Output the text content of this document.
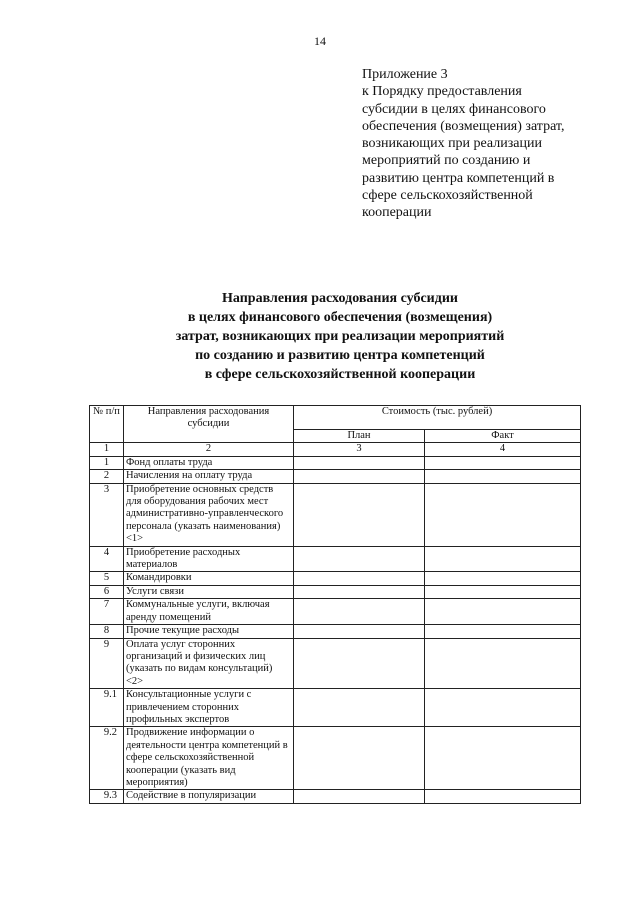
14
Приложение 3
к Порядку предоставления
субсидии в целях финансового
обеспечения (возмещения) затрат,
возникающих при реализации
мероприятий по созданию и
развитию центра компетенций в
сфере сельскохозяйственной
кооперации
Направления расходования субсидии
в целях финансового обеспечения (возмещения)
затрат, возникающих при реализации мероприятий
по созданию и развитию центра компетенций
в сфере сельскохозяйственной кооперации
№ п/п	Направления расходования субсидии	Стоимость (тыс. рублей)	
		План	Факт
1	2	3	4
1	Фонд оплаты труда		
2	Начисления на оплату труда		
3	Приобретение основных средств для оборудования рабочих мест административно-управленческого персонала (указать наименования) <1>		
4	Приобретение расходных материалов		
5	Командировки		
6	Услуги связи		
7	Коммунальные услуги, включая аренду помещений		
8	Прочие текущие расходы		
9	Оплата услуг сторонних организаций и физических лиц (указать по видам консультаций) <2>		
9.1	Консультационные услуги с привлечением сторонних профильных экспертов		
9.2	Продвижение информации о деятельности центра компетенций в сфере сельскохозяйственной кооперации (указать вид мероприятия)		
9.3	Содействие в популяризации		
